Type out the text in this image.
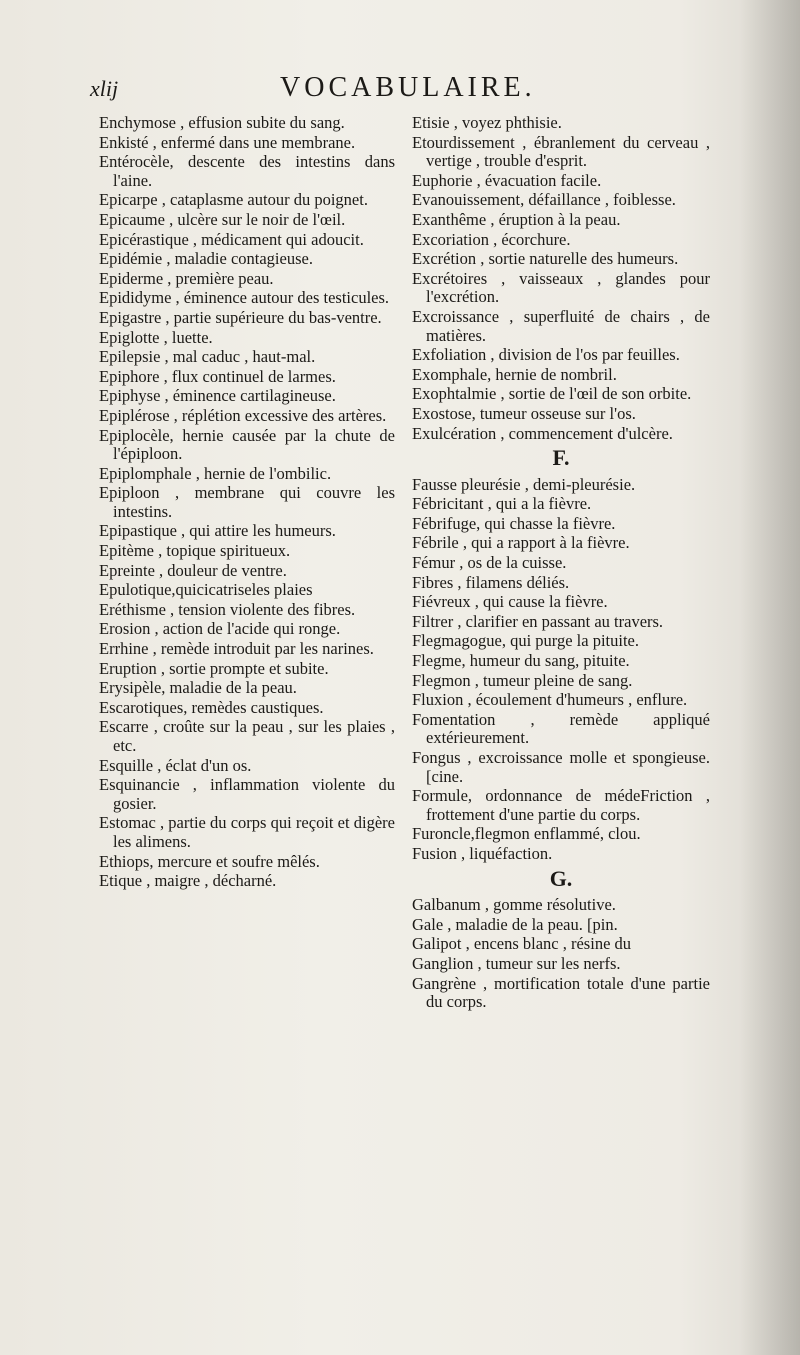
xlij	VOCABULAIRE.
Enchymose , effusion subite du sang.
Enkisté , enfermé dans une membrane.
Entérocèle, descente des intestins dans l'aine.
Epicarpe , cataplasme autour du poignet.
Epicaume , ulcère sur le noir de l'œil.
Epicérastique , médicament qui adoucit.
Epidémie , maladie contagieuse.
Epiderme , première peau.
Epididyme , éminence autour des testicules.
Epigastre , partie supérieure du bas-ventre.
Epiglotte , luette.
Epilepsie , mal caduc , haut-mal.
Epiphore , flux continuel de larmes.
Epiphyse , éminence cartilagineuse.
Epiplérose , réplétion excessive des artères.
Epiplocèle, hernie causée par la chute de l'épiploon.
Epiplomphale , hernie de l'ombilic.
Epiploon , membrane qui couvre les intestins.
Epipastique , qui attire les humeurs.
Epitème , topique spiritueux.
Epreinte , douleur de ventre.
Epulotique,quicicatriseles plaies
Eréthisme , tension violente des fibres.
Erosion , action de l'acide qui ronge.
Errhine , remède introduit par les narines.
Eruption , sortie prompte et subite.
Erysipèle, maladie de la peau.
Escarotiques, remèdes caustiques.
Escarre , croûte sur la peau , sur les plaies , etc.
Esquille , éclat d'un os.
Esquinancie , inflammation violente du gosier.
Estomac , partie du corps qui reçoit et digère les alimens.
Ethiops, mercure et soufre mêlés.
Etique , maigre , décharné.
Etisie , voyez phthisie.
Etourdissement , ébranlement du cerveau , vertige , trouble d'esprit.
Euphorie , évacuation facile.
Evanouissement, défaillance , foiblesse.
Exanthême , éruption à la peau.
Excoriation , écorchure.
Excrétion , sortie naturelle des humeurs.
Excrétoires , vaisseaux , glandes pour l'excrétion.
Excroissance , superfluité de chairs , de matières.
Exfoliation , division de l'os par feuilles.
Exomphale, hernie de nombril.
Exophtalmie , sortie de l'œil de son orbite.
Exostose, tumeur osseuse sur l'os.
Exulcération , commencement d'ulcère.
F.
Fausse pleurésie , demi-pleurésie.
Fébricitant , qui a la fièvre.
Fébrifuge, qui chasse la fièvre.
Fébrile , qui a rapport à la fièvre.
Fémur , os de la cuisse.
Fibres , filamens déliés.
Fiévreux , qui cause la fièvre.
Filtrer , clarifier en passant au travers.
Flegmagogue, qui purge la pituite.
Flegme, humeur du sang, pituite.
Flegmon , tumeur pleine de sang.
Fluxion , écoulement d'humeurs , enflure.
Fomentation , remède appliqué extérieurement.
Fongus , excroissance molle et spongieuse. [cine.
Formule, ordonnance de médeFriction , frottement d'une partie du corps.
Furoncle,flegmon enflammé, clou.
Fusion , liquéfaction.
G.
Galbanum , gomme résolutive.
Gale , maladie de la peau. [pin.
Galipot , encens blanc , résine du
Ganglion , tumeur sur les nerfs.
Gangrène , mortification totale d'une partie du corps.
